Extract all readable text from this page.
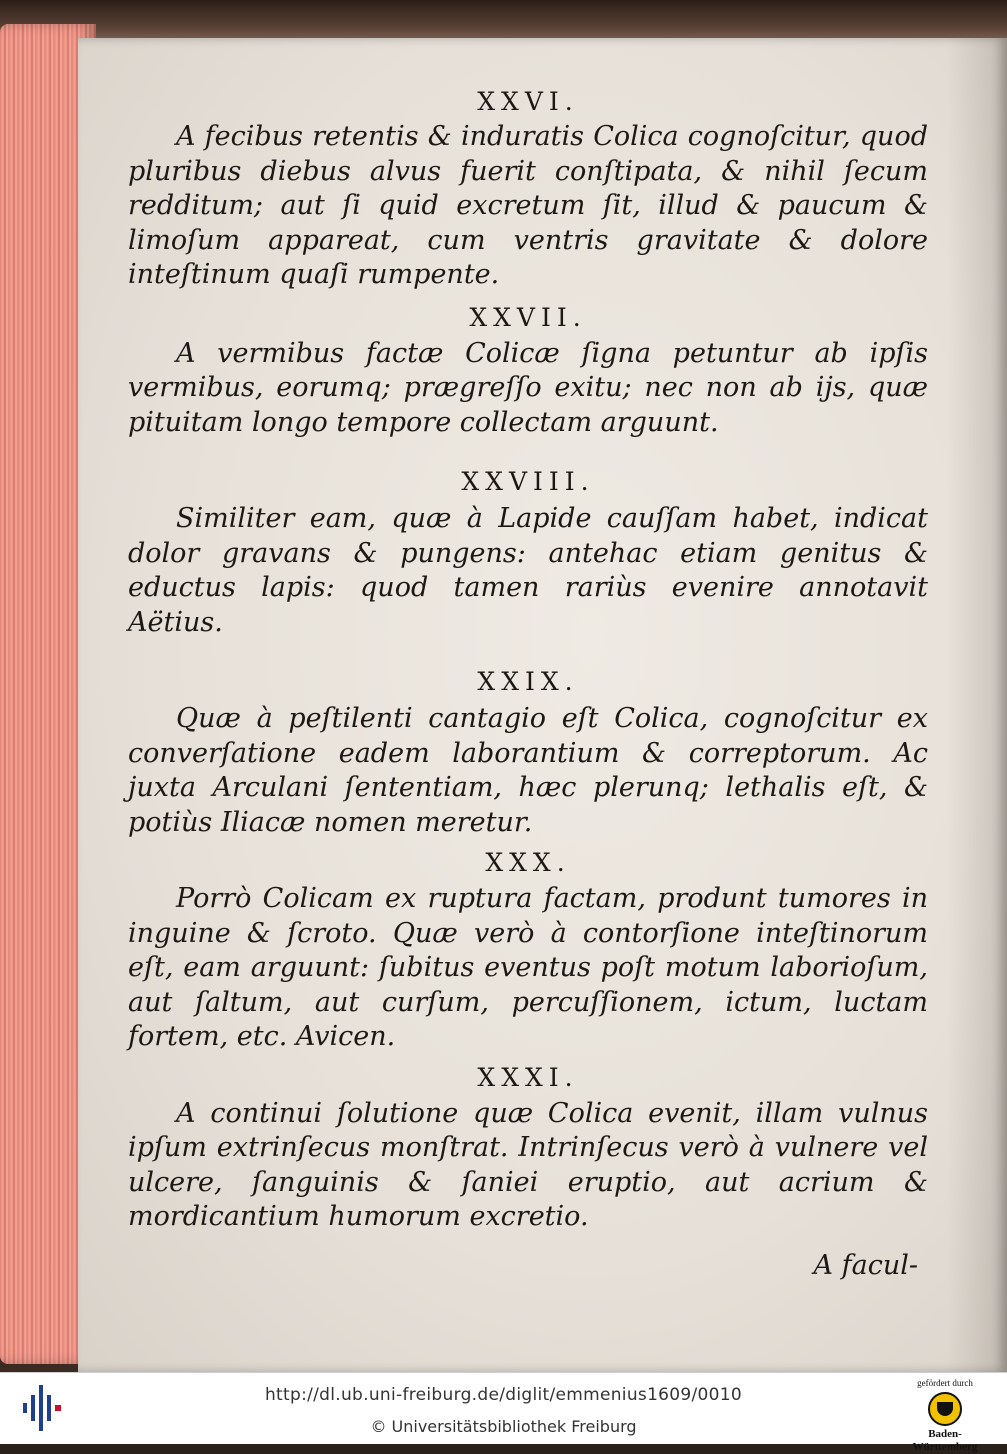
XXVI.

A fecibus retentis & induratis Colica cognoſcitur, quod pluribus diebus alvus fuerit conſtipata, & nihil ſecum redditum; aut ſi quid excretum ſit, illud & paucum & limoſum appareat, cum ventris gravitate & dolore inteſtinum quaſi rumpente.

XXVII.

A vermibus factæ Colicæ ſigna petuntur ab ipſis vermibus, eorumq; prægreſſo exitu; nec non ab ijs, quæ pituitam longo tempore collectam arguunt.

XXVIII.

Similiter eam, quæ à Lapide cauſſam habet, indicat dolor gravans & pungens: antehac etiam genitus & eductus lapis: quod tamen rariùs evenire annotavit Aëtius.

XXIX.

Quæ à peſtilenti cantagio eſt Colica, cognoſcitur ex converſatione eadem laborantium & correptorum. Ac juxta Arculani ſententiam, hæc plerunq; lethalis eſt, & potiùs Iliacæ nomen meretur.

XXX.

Porrò Colicam ex ruptura factam, produnt tumores in inguine & ſcroto. Quæ verò à contorſione inteſtinorum eſt, eam arguunt: ſubitus eventus poſt motum laborioſum, aut ſaltum, aut curſum, percuſſionem, ictum, luctam fortem, etc. Avicen.

XXXI.

A continui ſolutione quæ Colica evenit, illam vulnus ipſum extrinſecus monſtrat. Intrinſecus verò à vulnere vel ulcere, ſanguinis & ſaniei eruptio, aut acrium & mordicantium humorum excretio.

A facul-

http://dl.ub.uni-freiburg.de/diglit/emmenius1609/0010
© Universitätsbibliothek Freiburg
gefördert durch
Baden-Württemberg
